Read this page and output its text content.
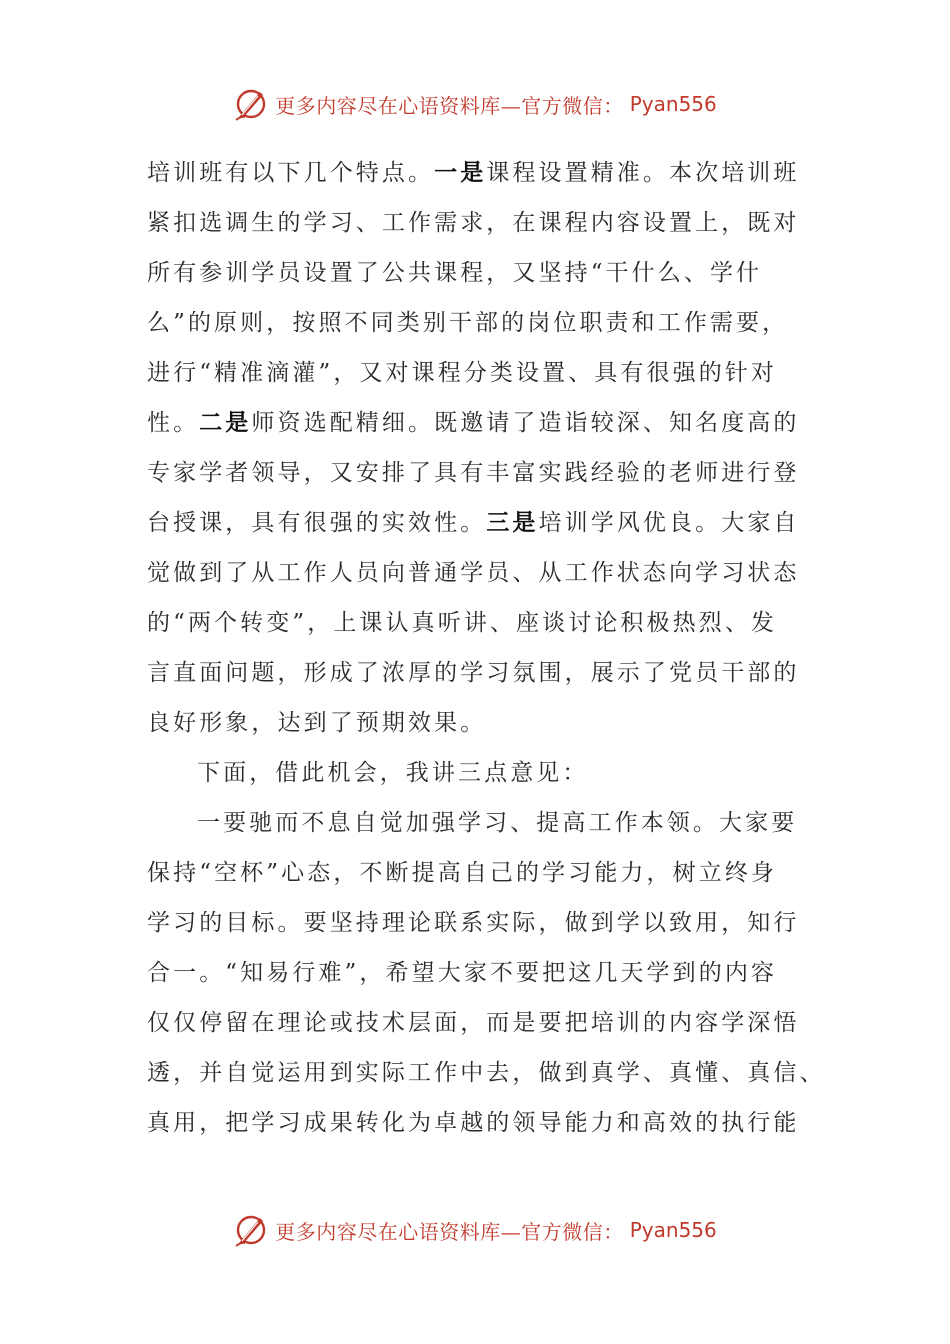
更多内容尽在心语资料库—官方微信： Pyan556
培训班有以下几个特点。一是课程设置精准。本次培训班
紧扣选调生的学习、工作需求，在课程内容设置上，既对
所有参训学员设置了公共课程，又坚持“干什么、学什
么”的原则，按照不同类别干部的岗位职责和工作需要，
进行“精准滴灌”，又对课程分类设置、具有很强的针对
性。二是师资选配精细。既邀请了造诣较深、知名度高的
专家学者领导，又安排了具有丰富实践经验的老师进行登
台授课，具有很强的实效性。三是培训学风优良。大家自
觉做到了从工作人员向普通学员、从工作状态向学习状态
的“两个转变”，上课认真听讲、座谈讨论积极热烈、发
言直面问题，形成了浓厚的学习氛围，展示了党员干部的
良好形象，达到了预期效果。
下面，借此机会，我讲三点意见：
一要驰而不息自觉加强学习、提高工作本领。大家要
保持“空杯”心态，不断提高自己的学习能力，树立终身
学习的目标。要坚持理论联系实际，做到学以致用，知行
合一。“知易行难”，希望大家不要把这几天学到的内容
仅仅停留在理论或技术层面，而是要把培训的内容学深悟
透，并自觉运用到实际工作中去，做到真学、真懂、真信、
真用，把学习成果转化为卓越的领导能力和高效的执行能
更多内容尽在心语资料库—官方微信： Pyan556
